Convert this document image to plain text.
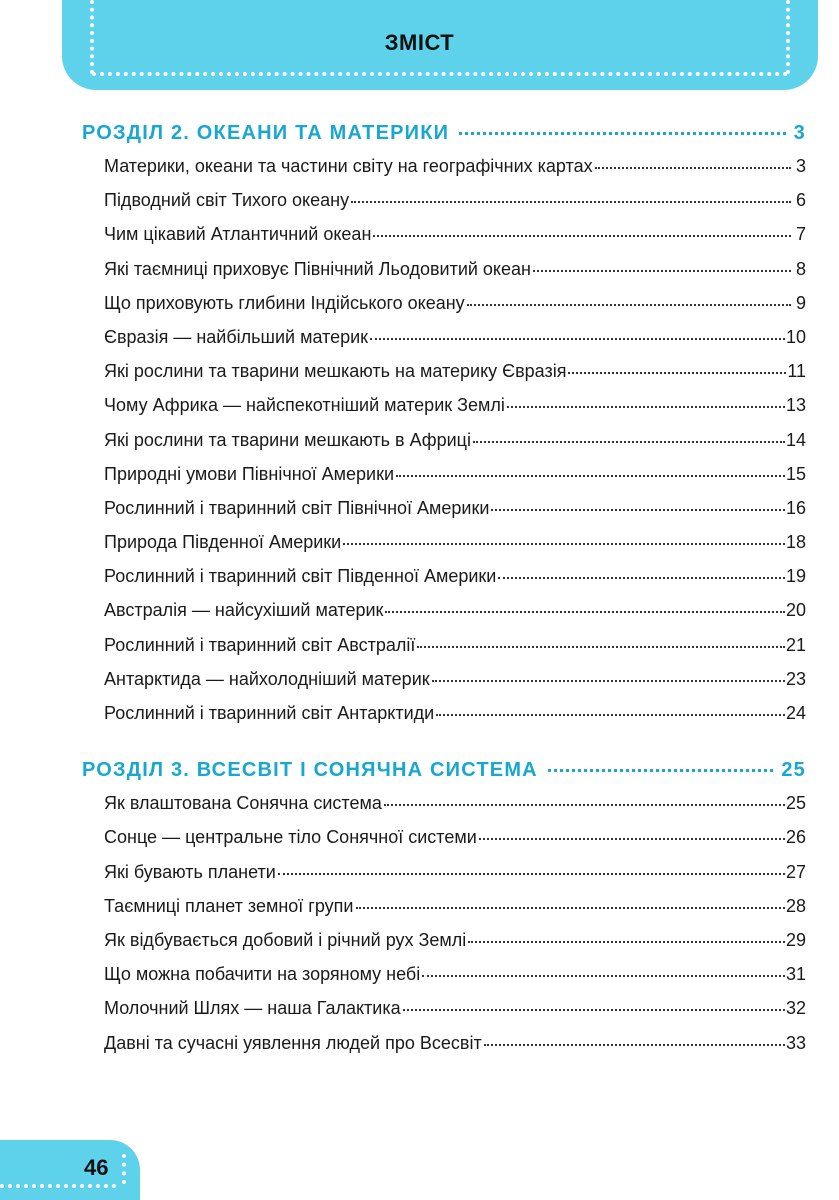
ЗМІСТ
РОЗДІЛ 2. ОКЕАНИ ТА МАТЕРИКИ	3
Материки, океани та частини світу на географічних картах	3
Підводний світ Тихого океану	6
Чим цікавий Атлантичний океан	7
Які таємниці приховує Північний Льодовитий океан	8
Що приховують глибини Індійського океану	9
Євразія — найбільший материк	10
Які рослини та тварини мешкають на материку Євразія	11
Чому Африка — найспекотніший материк Землі	13
Які рослини та тварини мешкають в Африці	14
Природні умови Північної Америки	15
Рослинний і тваринний світ Північної Америки	16
Природа Південної Америки	18
Рослинний і тваринний світ Південної Америки	19
Австралія — найсухіший материк	20
Рослинний і тваринний світ Австралії	21
Антарктида — найхолодніший материк	23
Рослинний і тваринний світ Антарктиди	24
РОЗДІЛ 3. ВСЕСВІТ І СОНЯЧНА СИСТЕМА	25
Як влаштована Сонячна система	25
Сонце — центральне тіло Сонячної системи	26
Які бувають планети	27
Таємниці планет земної групи	28
Як відбувається добовий і річний рух Землі	29
Що можна побачити на зоряному небі	31
Молочний Шлях — наша Галактика	32
Давні та сучасні уявлення людей про Всесвіт	33
46
